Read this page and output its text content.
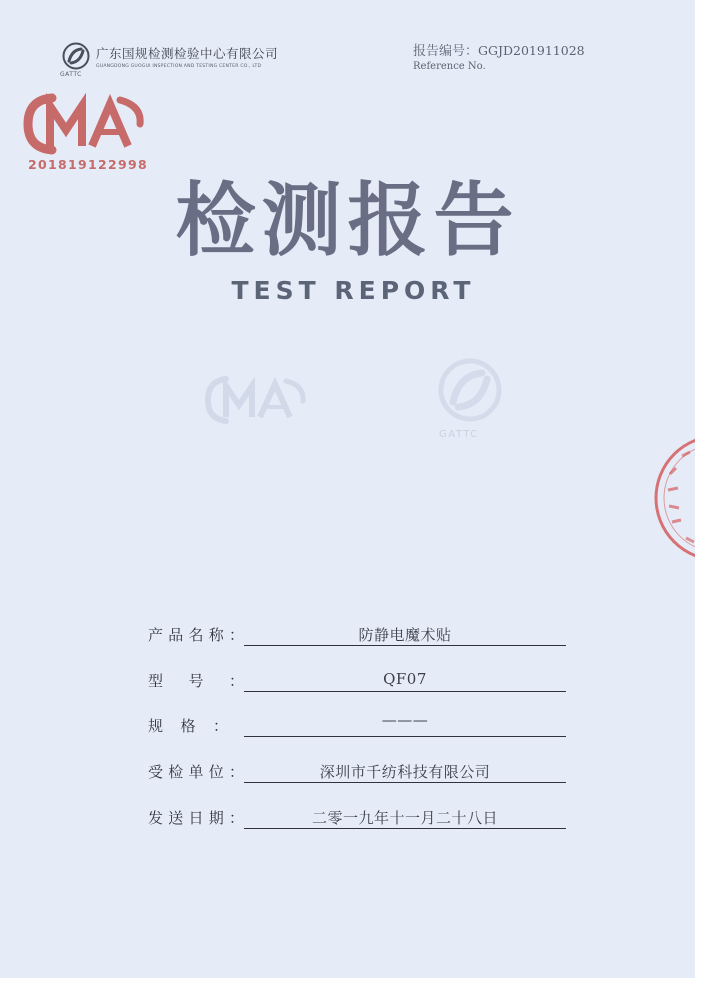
GATTC
广东国规检测检验中心有限公司
GUANGDONG GUOGUI INSPECTION AND TESTING CENTER CO., LTD
报告编号：GGJD201911028
Reference No.
201819122998
检测报告
TEST REPORT
GATTC
产 品 名 称 ：	防静电魔术贴
型 号 ：	QF07
规 格 ：	———
受 检 单 位 ：	深圳市千纺科技有限公司
发 送 日 期 ：	二零一九年十一月二十八日
